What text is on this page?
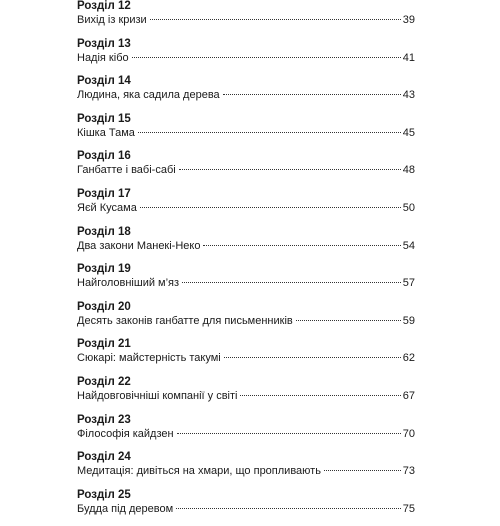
Розділ 12
Вихід із кризи	39
Розділ 13
Надія кібо	41
Розділ 14
Людина, яка садила дерева	43
Розділ 15
Кішка Тама	45
Розділ 16
Ганбатте і вабі-сабі	48
Розділ 17
Яєй Кусама	50
Розділ 18
Два закони Манекі-Неко	54
Розділ 19
Найголовніший м’яз	57
Розділ 20
Десять законів ганбатте для письменників	59
Розділ 21
Сюкарі: майстерність такумі	62
Розділ 22
Найдовговічніші компанії у світі	67
Розділ 23
Філософія кайдзен	70
Розділ 24
Медитація: дивіться на хмари, що пропливають	73
Розділ 25
Будда під деревом	75
